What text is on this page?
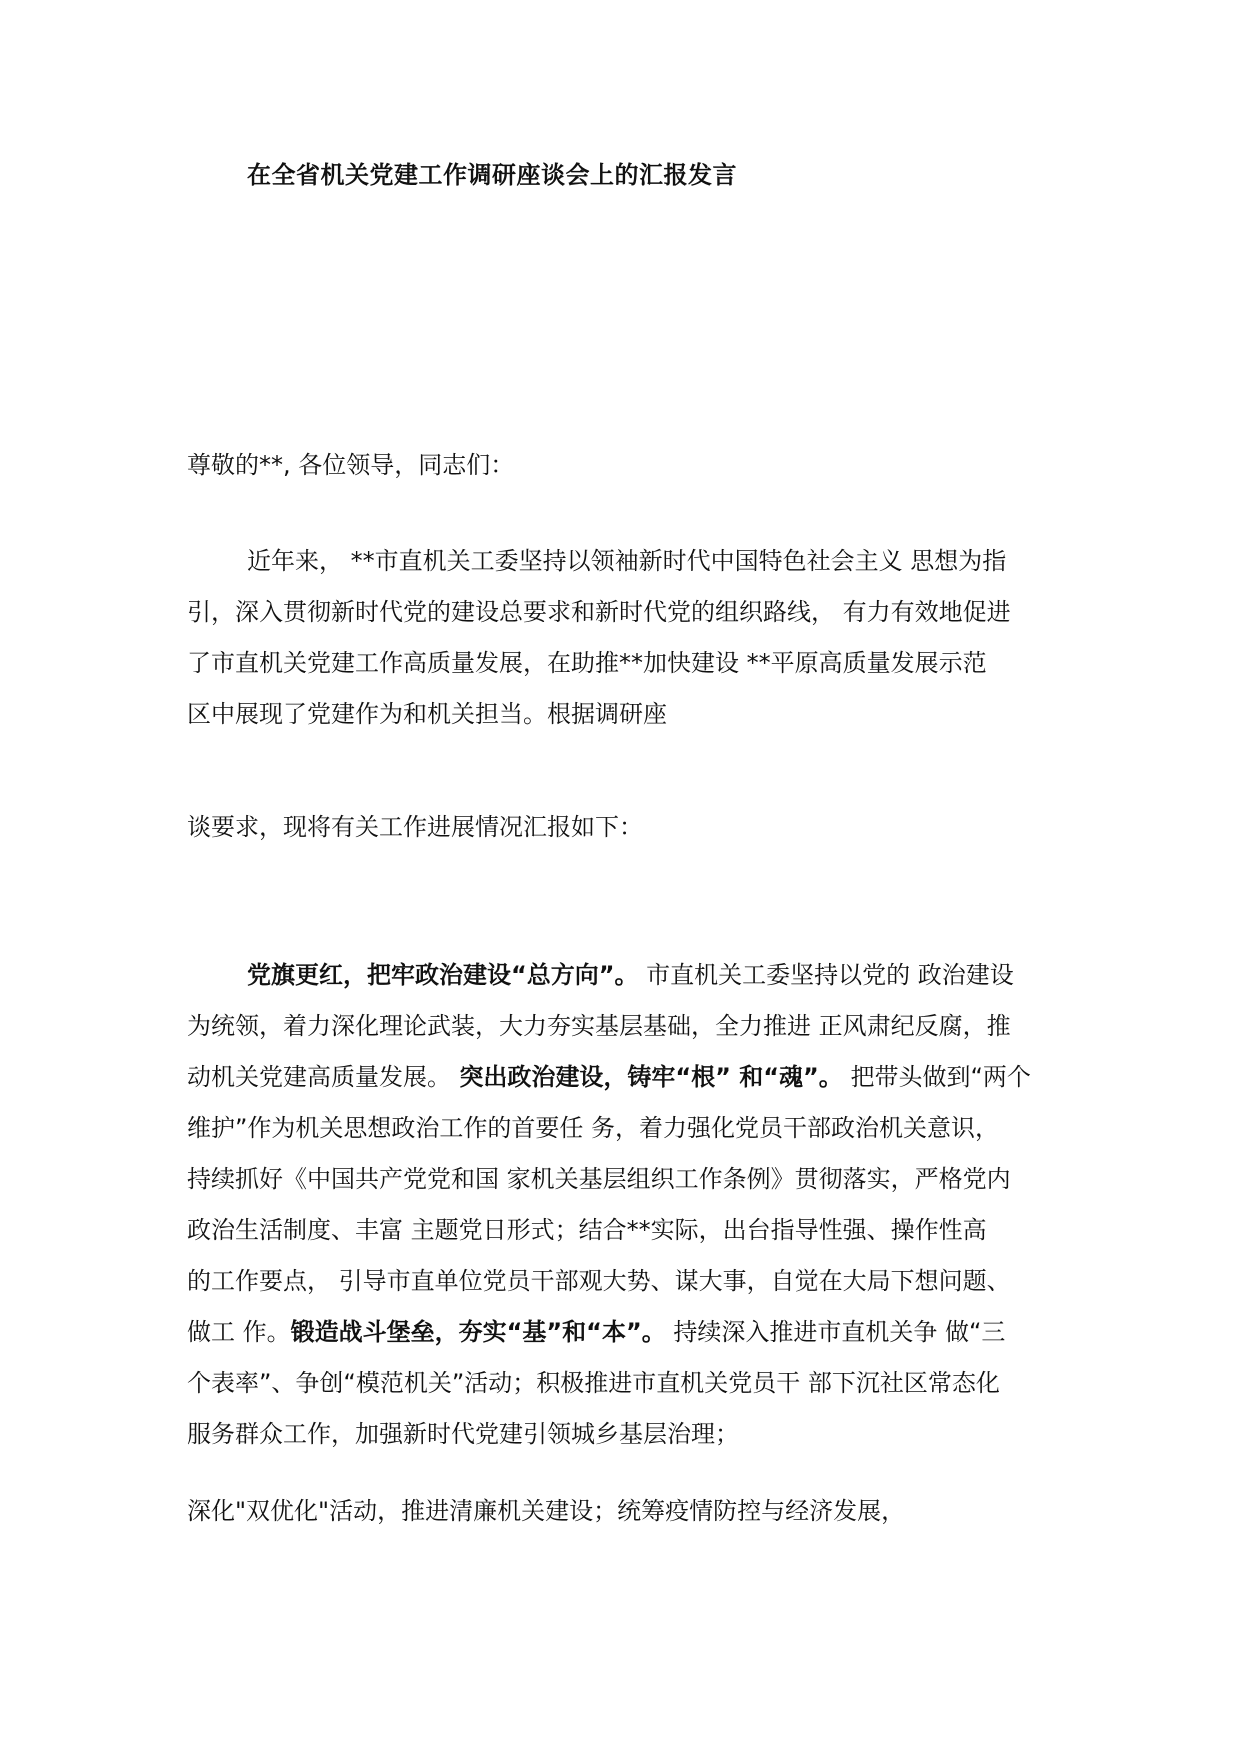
在全省机关党建工作调研座谈会上的汇报发言
尊敬的**, 各位领导，同志们：
近年来， **市直机关工委坚持以领袖新时代中国特色社会主义 思想为指
引，深入贯彻新时代党的建设总要求和新时代党的组织路线， 有力有效地促进
了市直机关党建工作高质量发展，在助推**加快建设 **平原高质量发展示范
区中展现了党建作为和机关担当。根据调研座
谈要求，现将有关工作进展情况汇报如下：
党旗更红，把牢政治建设“总方向”。 市直机关工委坚持以党的 政治建设
为统领，着力深化理论武装，大力夯实基层基础，全力推进 正风肃纪反腐，推
动机关党建高质量发展。 突出政治建设，铸牢“根” 和“魂”。 把带头做到“两个
维护”作为机关思想政治工作的首要任 务，着力强化党员干部政治机关意识，
持续抓好《中国共产党党和国 家机关基层组织工作条例》贯彻落实，严格党内
政治生活制度、丰富 主题党日形式；结合**实际，出台指导性强、操作性高
的工作要点， 引导市直单位党员干部观大势、谋大事，自觉在大局下想问题、
做工 作。锻造战斗堡垒，夯实“基”和“本”。 持续深入推进市直机关争 做“三
个表率”、争创“模范机关”活动；积极推进市直机关党员干 部下沉社区常态化
服务群众工作，加强新时代党建引领城乡基层治理；
深化"双优化"活动，推进清廉机关建设；统筹疫情防控与经济发展，
